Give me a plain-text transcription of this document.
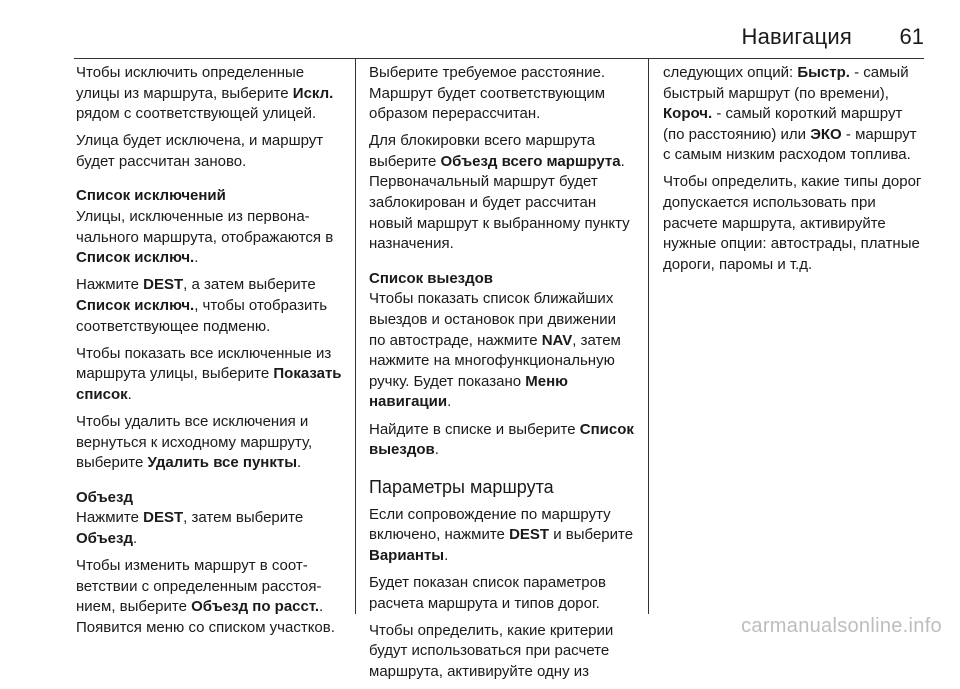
Навигация 61

Чтобы исключить определенные улицы из маршрута, выберите Искл. рядом с соответствующей улицей.

Улица будет исключена, и маршрут будет рассчитан заново.

Список исключений

Улицы, исключенные из первоначального маршрута, отображаются в Список исключ..

Нажмите DEST, а затем выберите Список исключ., чтобы отобразить соответствующее подменю.

Чтобы показать все исключенные из маршрута улицы, выберите Показать список.

Чтобы удалить все исключения и вернуться к исходному маршруту, выберите Удалить все пункты.

Объезд

Нажмите DEST, затем выберите Объезд.

Чтобы изменить маршрут в соответствии с определенным расстоянием, выберите Объезд по расст.. Появится меню со списком участков.

Выберите требуемое расстояние. Маршрут будет соответствующим образом перерассчитан.

Для блокировки всего маршрута выберите Объезд всего маршрута. Первоначальный маршрут будет заблокирован и будет рассчитан новый маршрут к выбранному пункту назначения.

Список выездов

Чтобы показать список ближайших выездов и остановок при движении по автостраде, нажмите NAV, затем нажмите на многофункциональную ручку. Будет показано Меню навигации.

Найдите в списке и выберите Список выездов.

Параметры маршрута

Если сопровождение по маршруту включено, нажмите DEST и выберите Варианты.

Будет показан список параметров расчета маршрута и типов дорог.

Чтобы определить, какие критерии будут использоваться при расчете маршрута, активируйте одну из

следующих опций: Быстр. - самый быстрый маршрут (по времени), Короч. - самый короткий маршрут (по расстоянию) или ЭКО - маршрут с самым низким расходом топлива.

Чтобы определить, какие типы дорог допускается использовать при расчете маршрута, активируйте нужные опции: автострады, платные дороги, паромы и т.д.

carmanualsonline.info
